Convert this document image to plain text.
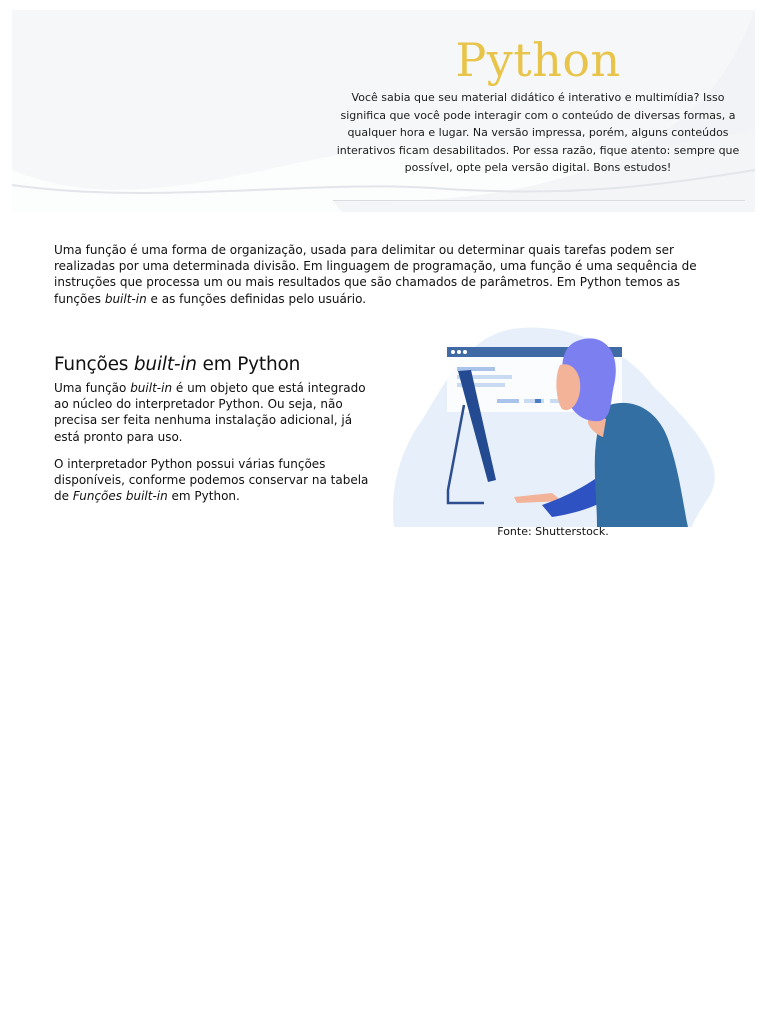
Python
Você sabia que seu material didático é interativo e multimídia? Isso significa que você pode interagir com o conteúdo de diversas formas, a qualquer hora e lugar. Na versão impressa, porém, alguns conteúdos interativos ficam desabilitados. Por essa razão, fique atento: sempre que possível, opte pela versão digital. Bons estudos!

Uma função é uma forma de organização, usada para delimitar ou determinar quais tarefas podem ser realizadas por uma determinada divisão. Em linguagem de programação, uma função é uma sequência de instruções que processa um ou mais resultados que são chamados de parâmetros. Em Python temos as funções built-in e as funções definidas pelo usuário.

Funções built-in em Python

Uma função built-in é um objeto que está integrado ao núcleo do interpretador Python. Ou seja, não precisa ser feita nenhuma instalação adicional, já está pronto para uso.

O interpretador Python possui várias funções disponíveis, conforme podemos conservar na tabela de Funções built-in em Python.

Fonte: Shutterstock.
